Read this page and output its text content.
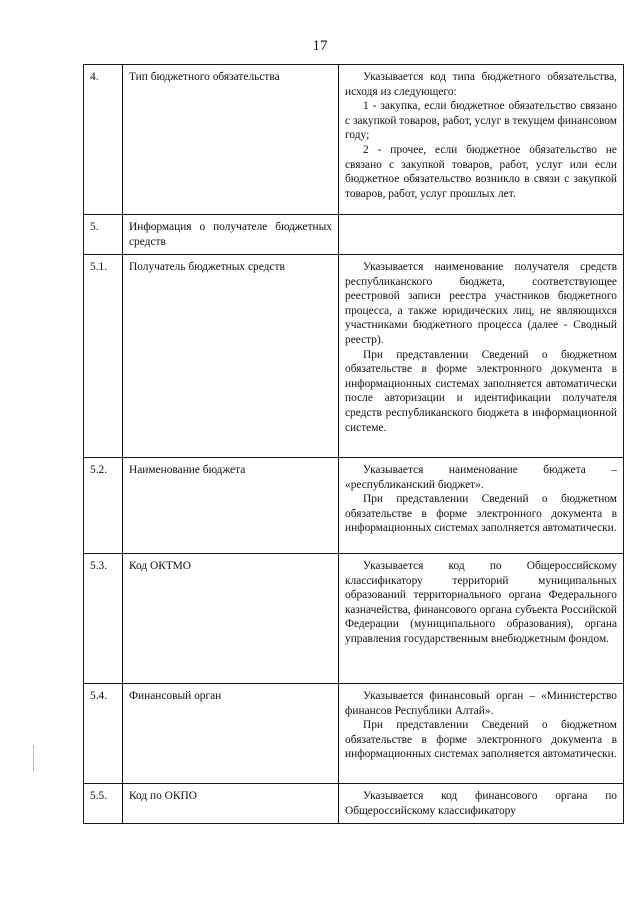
17
4.	Тип бюджетного обязательства	Указывается код типа бюджетного обязательства, исходя из следующего:

1 - закупка, если бюджетное обязательство связано с закупкой товаров, работ, услуг в текущем финансовом году;

2 - прочее, если бюджетное обязательство не связано с закупкой товаров, работ, услуг или если бюджетное обязательство возникло в связи с закупкой товаров, работ, услуг прошлых лет.

5.	Информация о получателе бюджетных средств	
5.1.	Получатель бюджетных средств	Указывается наименование получателя средств республиканского бюджета, соответствующее реестровой записи реестра участников бюджетного процесса, а также юридических лиц, не являющихся участниками бюджетного процесса (далее - Сводный реестр).

При представлении Сведений о бюджетном обязательстве в форме электронного документа в информационных системах заполняется автоматически после авторизации и идентификации получателя средств республиканского бюджета в информационной системе.

5.2.	Наименование бюджета	Указывается наименование бюджета – «республиканский бюджет».

При представлении Сведений о бюджетном обязательстве в форме электронного документа в информационных системах заполняется автоматически.

5.3.	Код ОКТМО	Указывается код по Общероссийскому классификатору территорий муниципальных образований территориального органа Федерального казначейства, финансового органа субъекта Российской Федерации (муниципального образования), органа управления государственным внебюджетным фондом.

5.4.	Финансовый орган	Указывается финансовый орган – «Министерство финансов Республики Алтай».

При представлении Сведений о бюджетном обязательстве в форме электронного документа в информационных системах заполняется автоматически.

5.5.	Код по ОКПО	Указывается код финансового органа по Общероссийскому классификатору
